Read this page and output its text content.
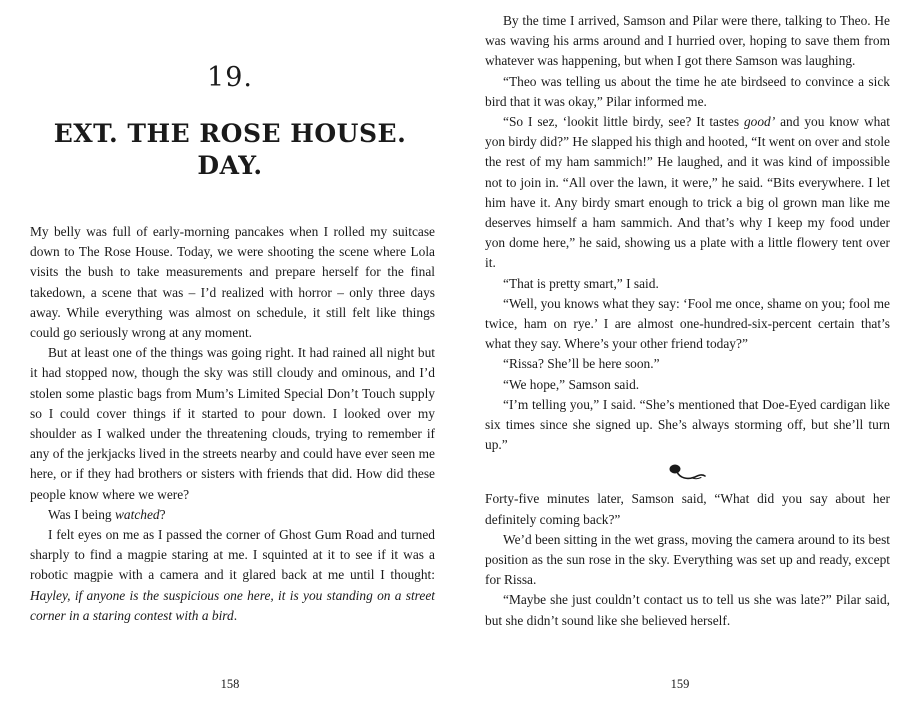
19.
EXT. THE ROSE HOUSE.
DAY.

My belly was full of early-morning pancakes when I rolled my suitcase down to The Rose House. Today, we were shooting the scene where Lola visits the bush to take measurements and prepare herself for the final takedown, a scene that was – I’d realized with horror – only three days away. While everything was almost on schedule, it still felt like things could go seriously wrong at any moment.

But at least one of the things was going right. It had rained all night but it had stopped now, though the sky was still cloudy and ominous, and I’d stolen some plastic bags from Mum’s Limited Special Don’t Touch supply so I could cover things if it started to pour down. I looked over my shoulder as I walked under the threatening clouds, trying to remember if any of the jerkjacks lived in the streets nearby and could have ever seen me here, or if they had brothers or sisters with friends that did. How did these people know where we were?

Was I being watched?

I felt eyes on me as I passed the corner of Ghost Gum Road and turned sharply to find a magpie staring at me. I squinted at it to see if it was a robotic magpie with a camera and it glared back at me until I thought: Hayley, if anyone is the suspicious one here, it is you standing on a street corner in a staring contest with a bird.

158

By the time I arrived, Samson and Pilar were there, talking to Theo. He was waving his arms around and I hurried over, hoping to save them from whatever was happening, but when I got there Samson was laughing.

“Theo was telling us about the time he ate birdseed to convince a sick bird that it was okay,” Pilar informed me.

“So I sez, ‘lookit little birdy, see? It tastes good’ and you know what yon birdy did?” He slapped his thigh and hooted, “It went on over and stole the rest of my ham sammich!” He laughed, and it was kind of impossible not to join in. “All over the lawn, it were,” he said. “Bits everywhere. I let him have it. Any birdy smart enough to trick a big ol grown man like me deserves himself a ham sammich. And that’s why I keep my food under yon dome here,” he said, showing us a plate with a little flowery tent over it.

“That is pretty smart,” I said.

“Well, you knows what they say: ‘Fool me once, shame on you; fool me twice, ham on rye.’ I are almost one-hundred-six-percent certain that’s what they say. Where’s your other friend today?”

“Rissa? She’ll be here soon.”

“We hope,” Samson said.

“I’m telling you,” I said. “She’s mentioned that Doe-Eyed cardigan like six times since she signed up. She’s always storming off, but she’ll turn up.”

Forty-five minutes later, Samson said, “What did you say about her definitely coming back?”

We’d been sitting in the wet grass, moving the camera around to its best position as the sun rose in the sky. Everything was set up and ready, except for Rissa.

“Maybe she just couldn’t contact us to tell us she was late?” Pilar said, but she didn’t sound like she believed herself.

159
